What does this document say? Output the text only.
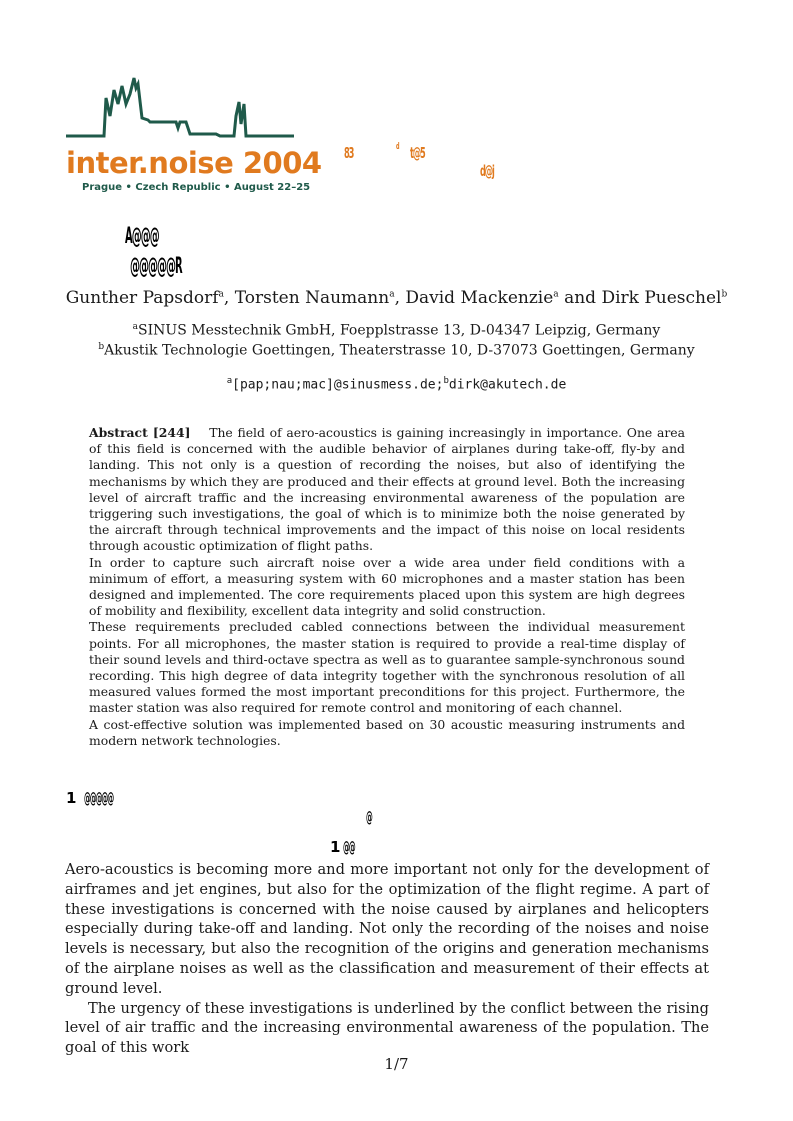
inter.noise 2004
Prague • Czech Republic • August 22–25
83	d t@5
d@j
A@@@
@@@@@R
Gunther Papsdorf$^a$, Torsten Naumann$^a$, David Mackenzie$^a$ and Dirk Pueschel$^b$
$^a$SINUS Messtechnik GmbH, Foepplstrasse 13, D-04347 Leipzig, Germany
$^b$Akustik Technologie Goettingen, Theaterstrasse 10, D-37073 Goettingen, Germany
$^a$[pap;nau;mac]@sinusmess.de;$^b$dirk@akutech.de

Abstract [244] The field of aero-acoustics is gaining increasingly in importance. One area of this field is concerned with the audible behavior of airplanes during take-off, fly-by and landing. This not only is a question of recording the noises, but also of identifying the mechanisms by which they are produced and their effects at ground level. Both the increasing level of aircraft traffic and the increasing environmental awareness of the population are triggering such investigations, the goal of which is to minimize both the noise generated by the aircraft through technical improvements and the impact of this noise on local residents through acoustic optimization of flight paths.

In order to capture such aircraft noise over a wide area under field conditions with a minimum of effort, a measuring system with 60 microphones and a master station has been designed and implemented. The core requirements placed upon this system are high degrees of mobility and flexibility, excellent data integrity and solid construction.

These requirements precluded cabled connections between the individual measurement points. For all microphones, the master station is required to provide a real-time display of their sound levels and third-octave spectra as well as to guarantee sample-synchronous sound recording. This high degree of data integrity together with the synchronous resolution of all measured values formed the most important preconditions for this project. Furthermore, the master station was also required for remote control and monitoring of each channel.

A cost-effective solution was implemented based on 30 acoustic measuring instruments and modern network technologies.

1 @@@@@
@
1 @@

Aero-acoustics is becoming more and more important not only for the development of airframes and jet engines, but also for the optimization of the flight regime. A part of these investigations is concerned with the noise caused by airplanes and helicopters especially during take-off and landing. Not only the recording of the noises and noise levels is necessary, but also the recognition of the origins and generation mechanisms of the airplane noises as well as the classification and measurement of their effects at ground level.

The urgency of these investigations is underlined by the conflict between the rising level of air traffic and the increasing environmental awareness of the population. The goal of this work

1/7
